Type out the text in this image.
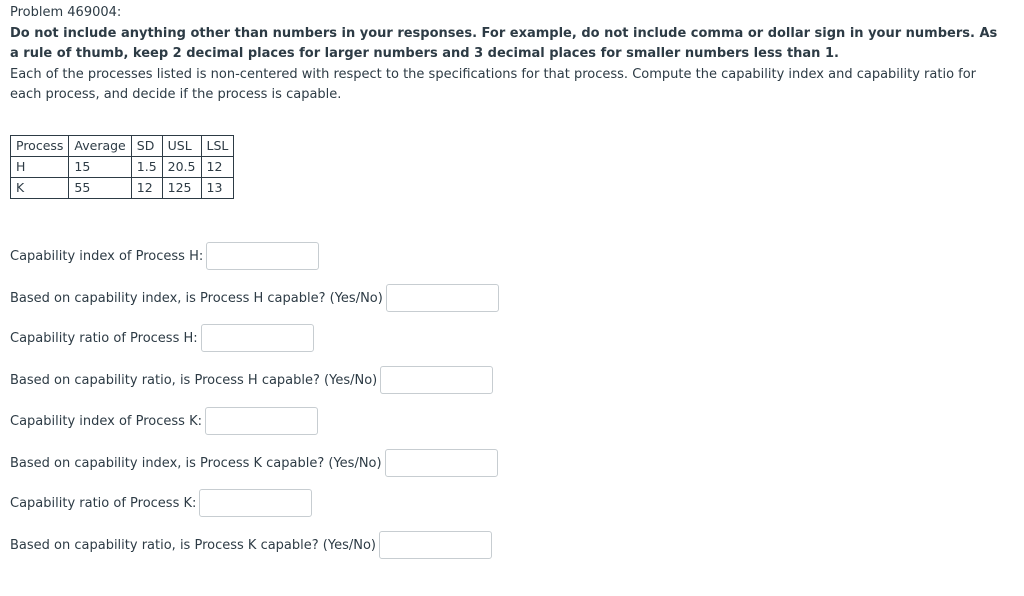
Problem 469004:
Do not include anything other than numbers in your responses. For example, do not include comma or dollar sign in your numbers. As a rule of thumb, keep 2 decimal places for larger numbers and 3 decimal places for smaller numbers less than 1.
Each of the processes listed is non-centered with respect to the specifications for that process. Compute the capability index and capability ratio for each process, and decide if the process is capable.
Process	Average	SD	USL	LSL
H	15	1.5	20.5	12
K	55	12	125	13
Capability index of Process H:
Based on capability index, is Process H capable? (Yes/No)
Capability ratio of Process H:
Based on capability ratio, is Process H capable? (Yes/No)
Capability index of Process K:
Based on capability index, is Process K capable? (Yes/No)
Capability ratio of Process K:
Based on capability ratio, is Process K capable? (Yes/No)
